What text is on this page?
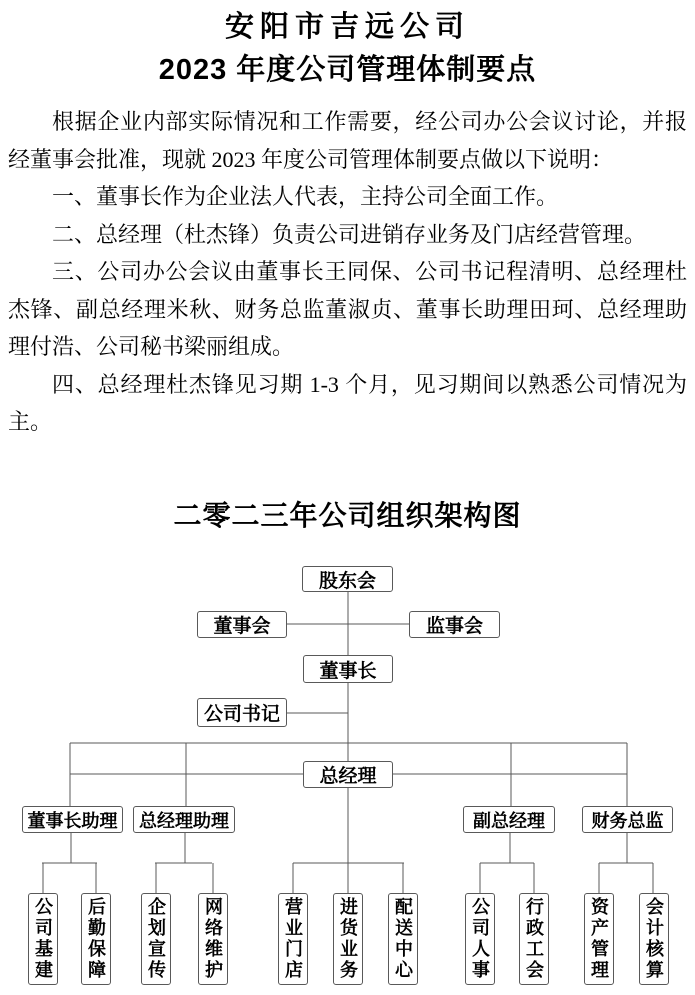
安阳市吉远公司
2023 年度公司管理体制要点

根据企业内部实际情况和工作需要，经公司办公会议讨论，并报经董事会批准，现就 2023 年度公司管理体制要点做以下说明：

一、董事长作为企业法人代表，主持公司全面工作。

二、总经理（杜杰锋）负责公司进销存业务及门店经营管理。

三、公司办公会议由董事长王同保、公司书记程清明、总经理杜杰锋、副总经理米秋、财务总监董淑贞、董事长助理田珂、总经理助理付浩、公司秘书梁丽组成。

四、总经理杜杰锋见习期 1-3 个月，见习期间以熟悉公司情况为主。

二零二三年公司组织架构图
股东会
董事会	监事会
董事长
公司书记
总经理
董事长助理	总经理助理	副总经理	财务总监
公司基建 后勤保障 企划宣传 网络维护	营业门店 进货业务 配送中心	公司人事 行政工会	资产管理 会计核算
